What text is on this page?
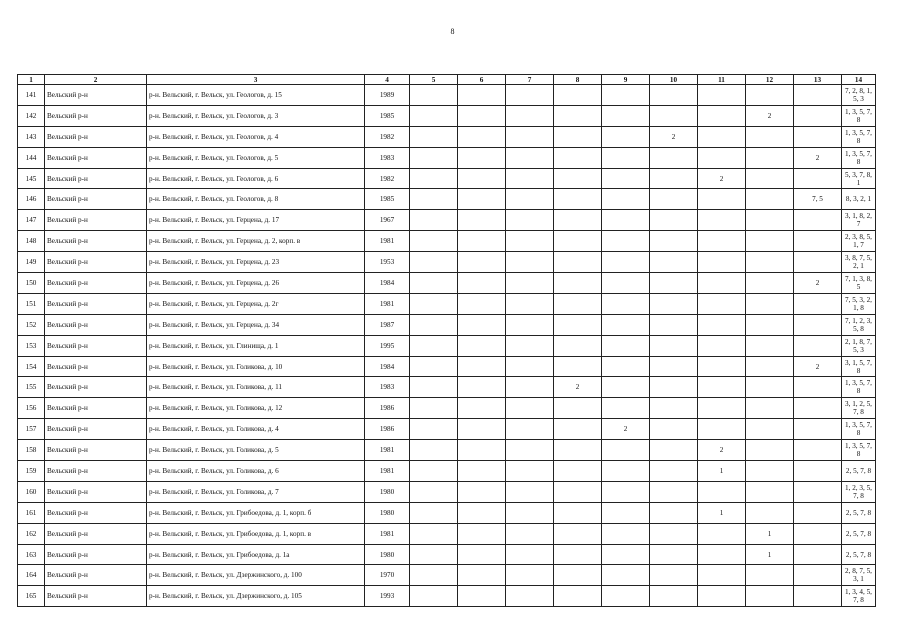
8
1	2	3	4	5	6	7	8	9	10	11	12	13	14
141	Вельский р-н	р-н. Вельский, г. Вельск, ул. Геологов, д. 15	1989										7, 2, 8, 1, 5, 3
142	Вельский р-н	р-н. Вельский, г. Вельск, ул. Геологов, д. 3	1985								2		1, 3, 5, 7, 8
143	Вельский р-н	р-н. Вельский, г. Вельск, ул. Геологов, д. 4	1982						2				1, 3, 5, 7, 8
144	Вельский р-н	р-н. Вельский, г. Вельск, ул. Геологов, д. 5	1983									2	1, 3, 5, 7, 8
145	Вельский р-н	р-н. Вельский, г. Вельск, ул. Геологов, д. 6	1982							2			5, 3, 7, 8, 1
146	Вельский р-н	р-н. Вельский, г. Вельск, ул. Геологов, д. 8	1985									7, 5	8, 3, 2, 1
147	Вельский р-н	р-н. Вельский, г. Вельск, ул. Герцена, д. 17	1967										3, 1, 8, 2, 7
148	Вельский р-н	р-н. Вельский, г. Вельск, ул. Герцена, д. 2, корп. в	1981										2, 3, 8, 5, 1, 7
149	Вельский р-н	р-н. Вельский, г. Вельск, ул. Герцена, д. 23	1953										3, 8, 7, 5, 2, 1
150	Вельский р-н	р-н. Вельский, г. Вельск, ул. Герцена, д. 26	1984									2	7, 1, 3, 8, 5
151	Вельский р-н	р-н. Вельский, г. Вельск, ул. Герцена, д. 2г	1981										7, 5, 3, 2, 1, 8
152	Вельский р-н	р-н. Вельский, г. Вельск, ул. Герцена, д. 34	1987										7, 1, 2, 3, 5, 8
153	Вельский р-н	р-н. Вельский, г. Вельск, ул. Глинища, д. 1	1995										2, 1, 8, 7, 5, 3
154	Вельский р-н	р-н. Вельский, г. Вельск, ул. Голикова, д. 10	1984									2	3, 1, 5, 7, 8
155	Вельский р-н	р-н. Вельский, г. Вельск, ул. Голикова, д. 11	1983				2						1, 3, 5, 7, 8
156	Вельский р-н	р-н. Вельский, г. Вельск, ул. Голикова, д. 12	1986										3, 1, 2, 5, 7, 8
157	Вельский р-н	р-н. Вельский, г. Вельск, ул. Голикова, д. 4	1986					2					1, 3, 5, 7, 8
158	Вельский р-н	р-н. Вельский, г. Вельск, ул. Голикова, д. 5	1981							2			1, 3, 5, 7, 8
159	Вельский р-н	р-н. Вельский, г. Вельск, ул. Голикова, д. 6	1981							1			2, 5, 7, 8
160	Вельский р-н	р-н. Вельский, г. Вельск, ул. Голикова, д. 7	1980										1, 2, 3, 5, 7, 8
161	Вельский р-н	р-н. Вельский, г. Вельск, ул. Грибоедова, д. 1, корп. б	1980							1			2, 5, 7, 8
162	Вельский р-н	р-н. Вельский, г. Вельск, ул. Грибоедова, д. 1, корп. в	1981								1		2, 5, 7, 8
163	Вельский р-н	р-н. Вельский, г. Вельск, ул. Грибоедова, д. 1а	1980								1		2, 5, 7, 8
164	Вельский р-н	р-н. Вельский, г. Вельск, ул. Дзержинского, д. 100	1970										2, 8, 7, 5, 3, 1
165	Вельский р-н	р-н. Вельский, г. Вельск, ул. Дзержинского, д. 105	1993										1, 3, 4, 5, 7, 8
